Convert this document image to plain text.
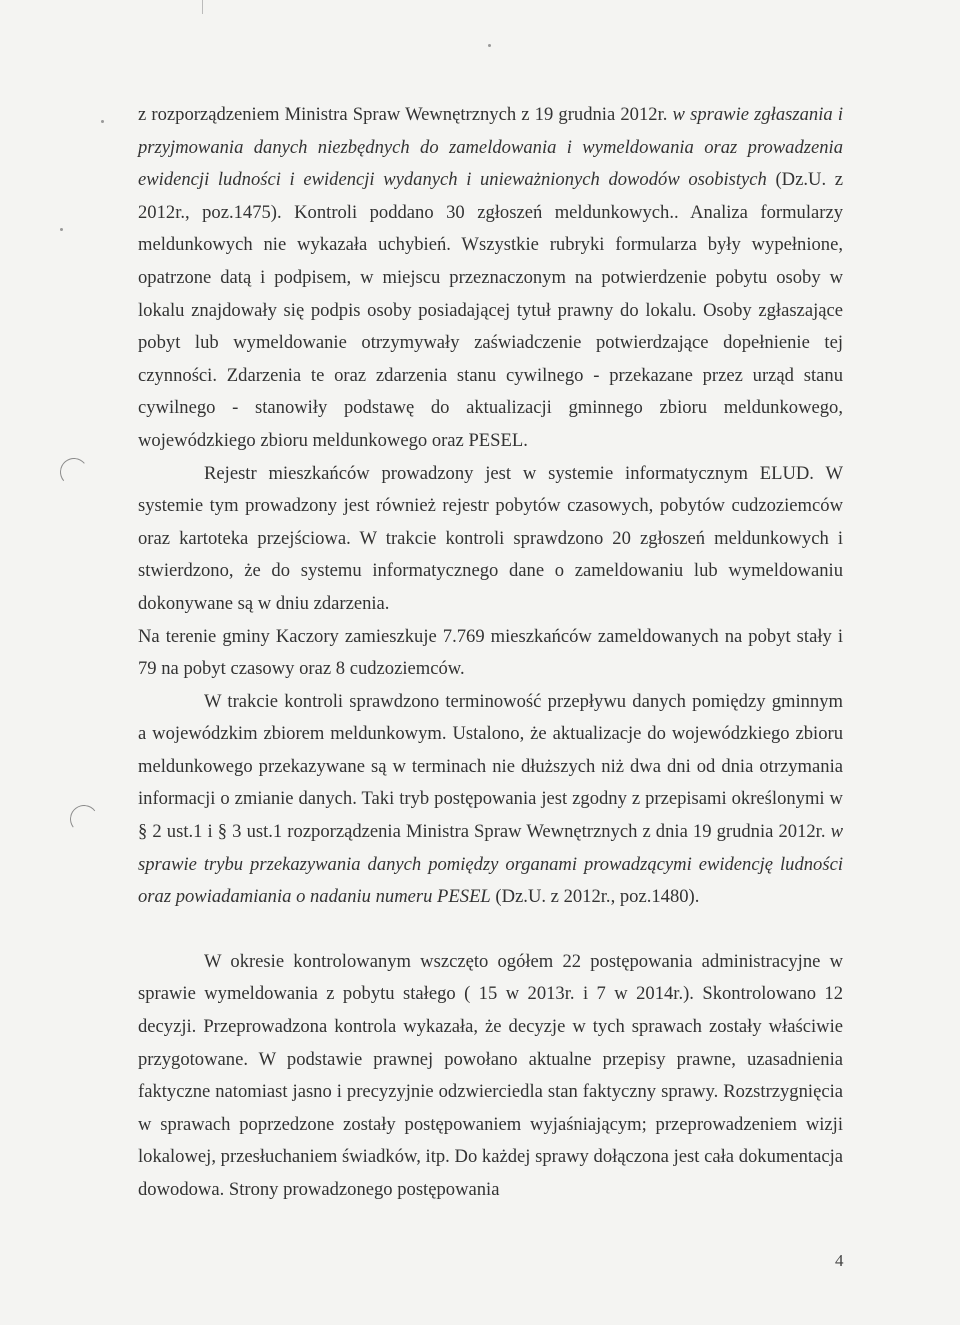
z rozporządzeniem Ministra Spraw Wewnętrznych z 19 grudnia 2012r. w sprawie zgłaszania i przyjmowania danych niezbędnych do zameldowania i wymeldowania oraz prowadzenia ewidencji ludności i ewidencji wydanych i unieważnionych dowodów osobistych (Dz.U. z 2012r., poz.1475). Kontroli poddano 30 zgłoszeń meldunkowych.. Analiza formularzy meldunkowych nie wykazała uchybień. Wszystkie rubryki formularza były wypełnione, opatrzone datą i podpisem, w miejscu przeznaczonym na potwierdzenie pobytu osoby w lokalu znajdowały się podpis osoby posiadającej tytuł prawny do lokalu. Osoby zgłaszające pobyt lub wymeldowanie otrzymywały zaświadczenie potwierdzające dopełnienie tej czynności. Zdarzenia te oraz zdarzenia stanu cywilnego - przekazane przez urząd stanu cywilnego - stanowiły podstawę do aktualizacji gminnego zbioru meldunkowego, wojewódzkiego zbioru meldunkowego oraz PESEL.

Rejestr mieszkańców prowadzony jest w systemie informatycznym ELUD. W systemie tym prowadzony jest również rejestr pobytów czasowych, pobytów cudzoziemców oraz kartoteka przejściowa. W trakcie kontroli sprawdzono 20 zgłoszeń meldunkowych i stwierdzono, że do systemu informatycznego dane o zameldowaniu lub wymeldowaniu dokonywane są w dniu zdarzenia.

Na terenie gminy Kaczory zamieszkuje 7.769 mieszkańców zameldowanych na pobyt stały i 79 na pobyt czasowy oraz 8 cudzoziemców.

W trakcie kontroli sprawdzono terminowość przepływu danych pomiędzy gminnym a wojewódzkim zbiorem meldunkowym. Ustalono, że aktualizacje do wojewódzkiego zbioru meldunkowego przekazywane są w terminach nie dłuższych niż dwa dni od dnia otrzymania informacji o zmianie danych. Taki tryb postępowania jest zgodny z przepisami określonymi w § 2 ust.1 i § 3 ust.1 rozporządzenia Ministra Spraw Wewnętrznych z dnia 19 grudnia 2012r. w sprawie trybu przekazywania danych pomiędzy organami prowadzącymi ewidencję ludności oraz powiadamiania o nadaniu numeru PESEL (Dz.U. z 2012r., poz.1480).

W okresie kontrolowanym wszczęto ogółem 22 postępowania administracyjne w sprawie wymeldowania z pobytu stałego ( 15 w 2013r. i 7 w 2014r.). Skontrolowano 12 decyzji. Przeprowadzona kontrola wykazała, że decyzje w tych sprawach zostały właściwie przygotowane. W podstawie prawnej powołano aktualne przepisy prawne, uzasadnienia faktyczne natomiast jasno i precyzyjnie odzwierciedla stan faktyczny sprawy. Rozstrzygnięcia w sprawach poprzedzone zostały postępowaniem wyjaśniającym; przeprowadzeniem wizji lokalowej, przesłuchaniem świadków, itp. Do każdej sprawy dołączona jest cała dokumentacja dowodowa. Strony prowadzonego postępowania

4
